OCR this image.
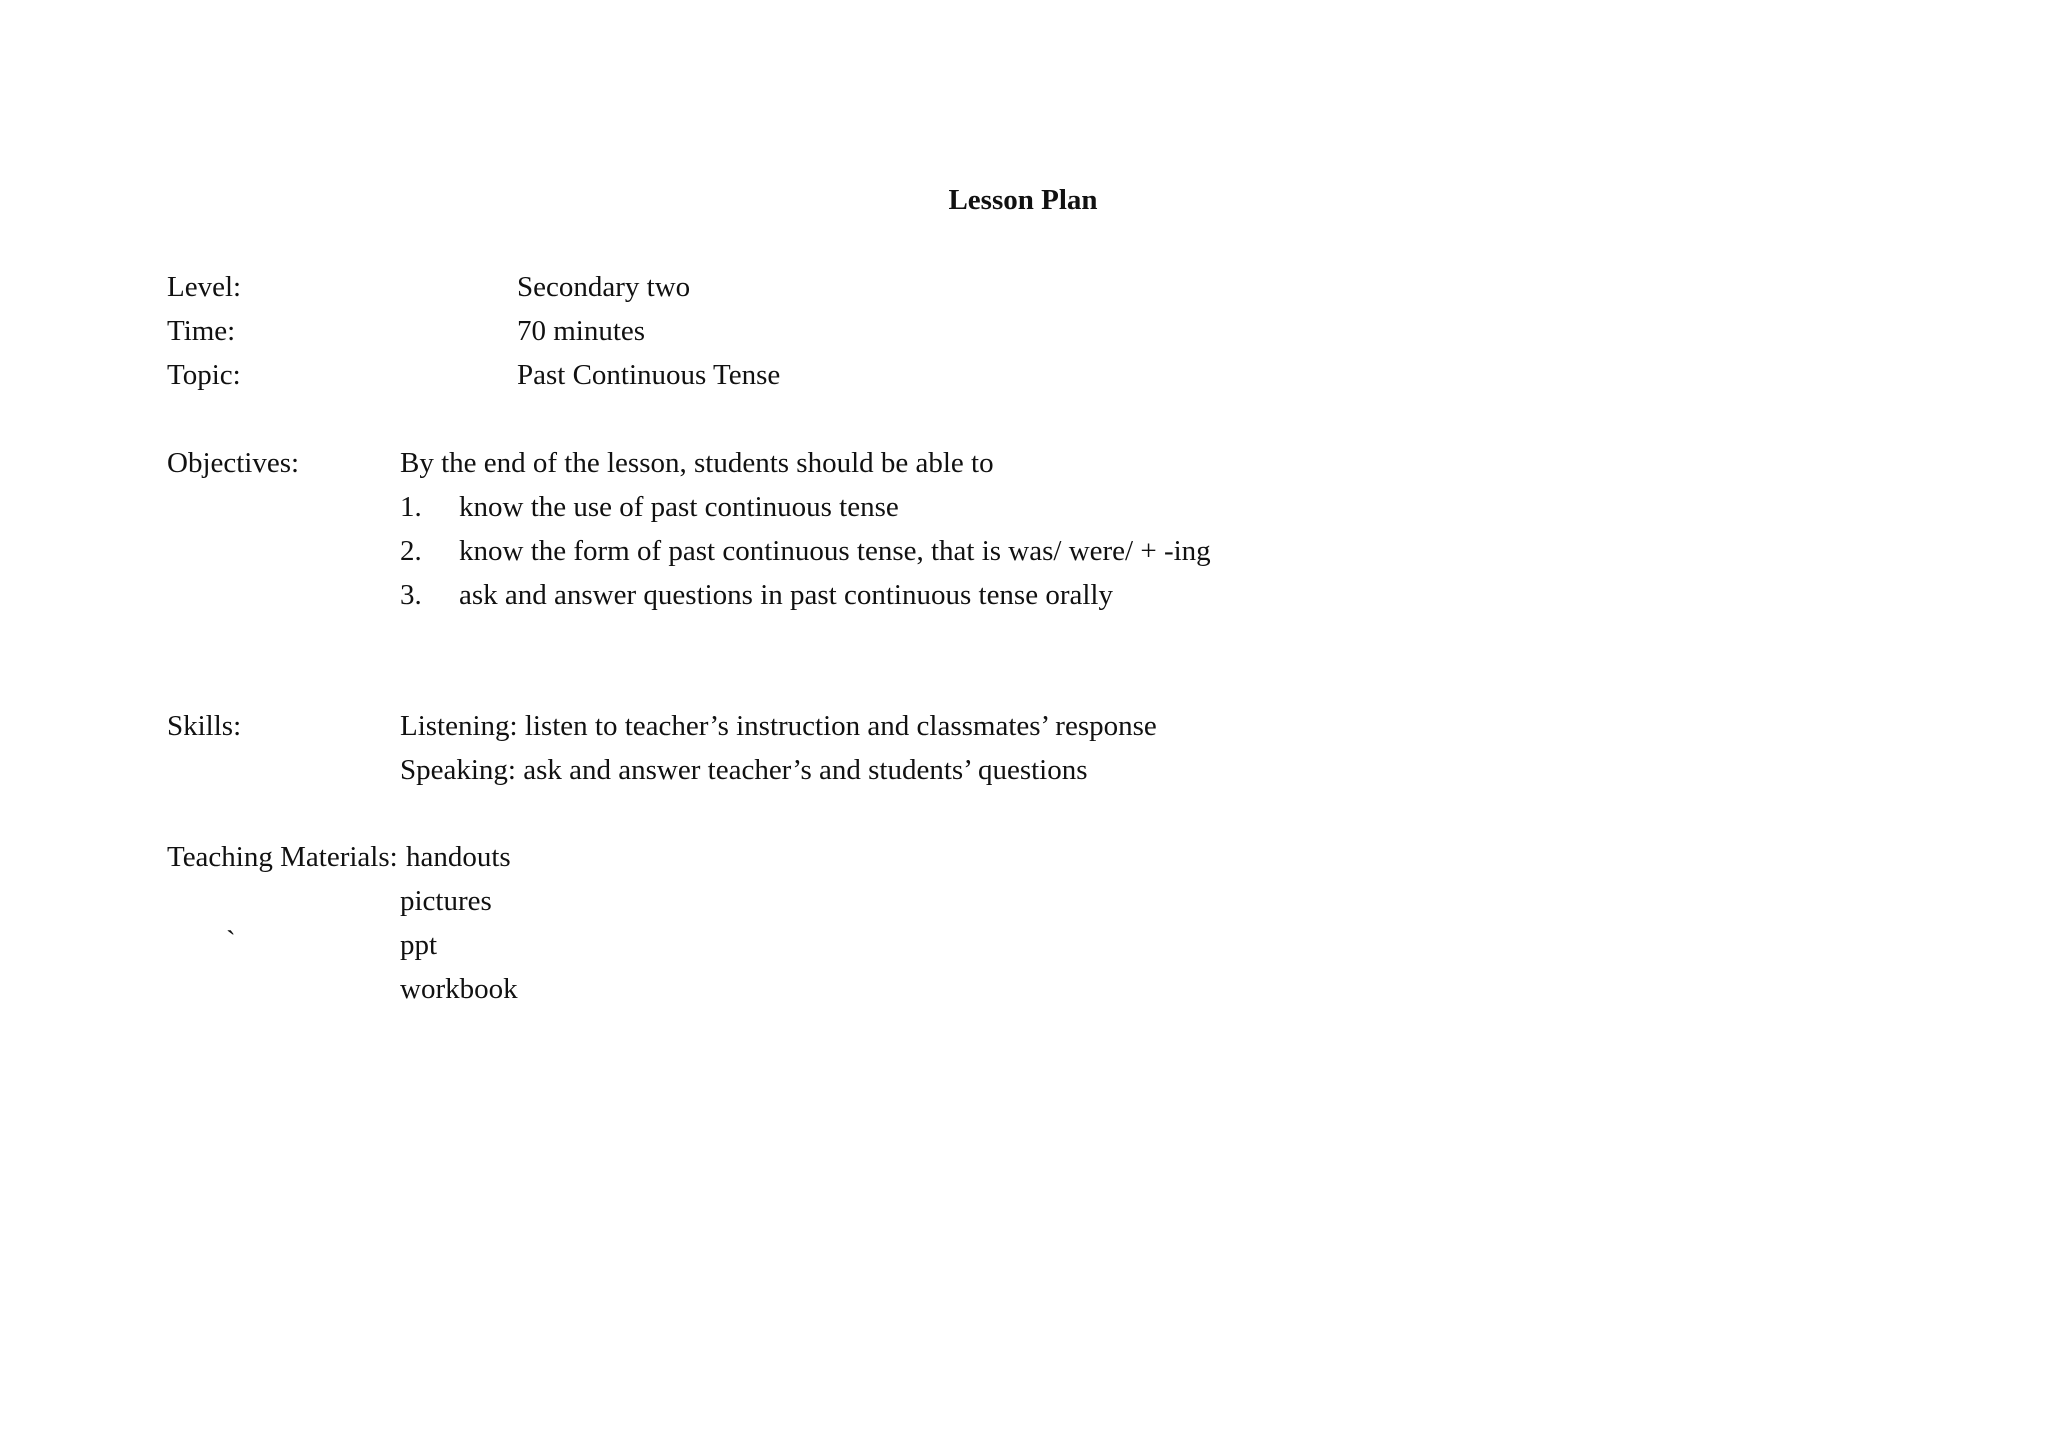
Lesson Plan

Level:	Secondary two

Time:	70 minutes

Topic:	Past Continuous Tense

Objectives:	By the end of the lesson, students should be able to

1. know the use of past continuous tense

2. know the form of past continuous tense, that is was/ were/ + -ing

3. ask and answer questions in past continuous tense orally

Skills:	Listening: listen to teacher’s instruction and classmates’ response

Speaking: ask and answer teacher’s and students’ questions

Teaching Materials: handouts

pictures

`	ppt

workbook
